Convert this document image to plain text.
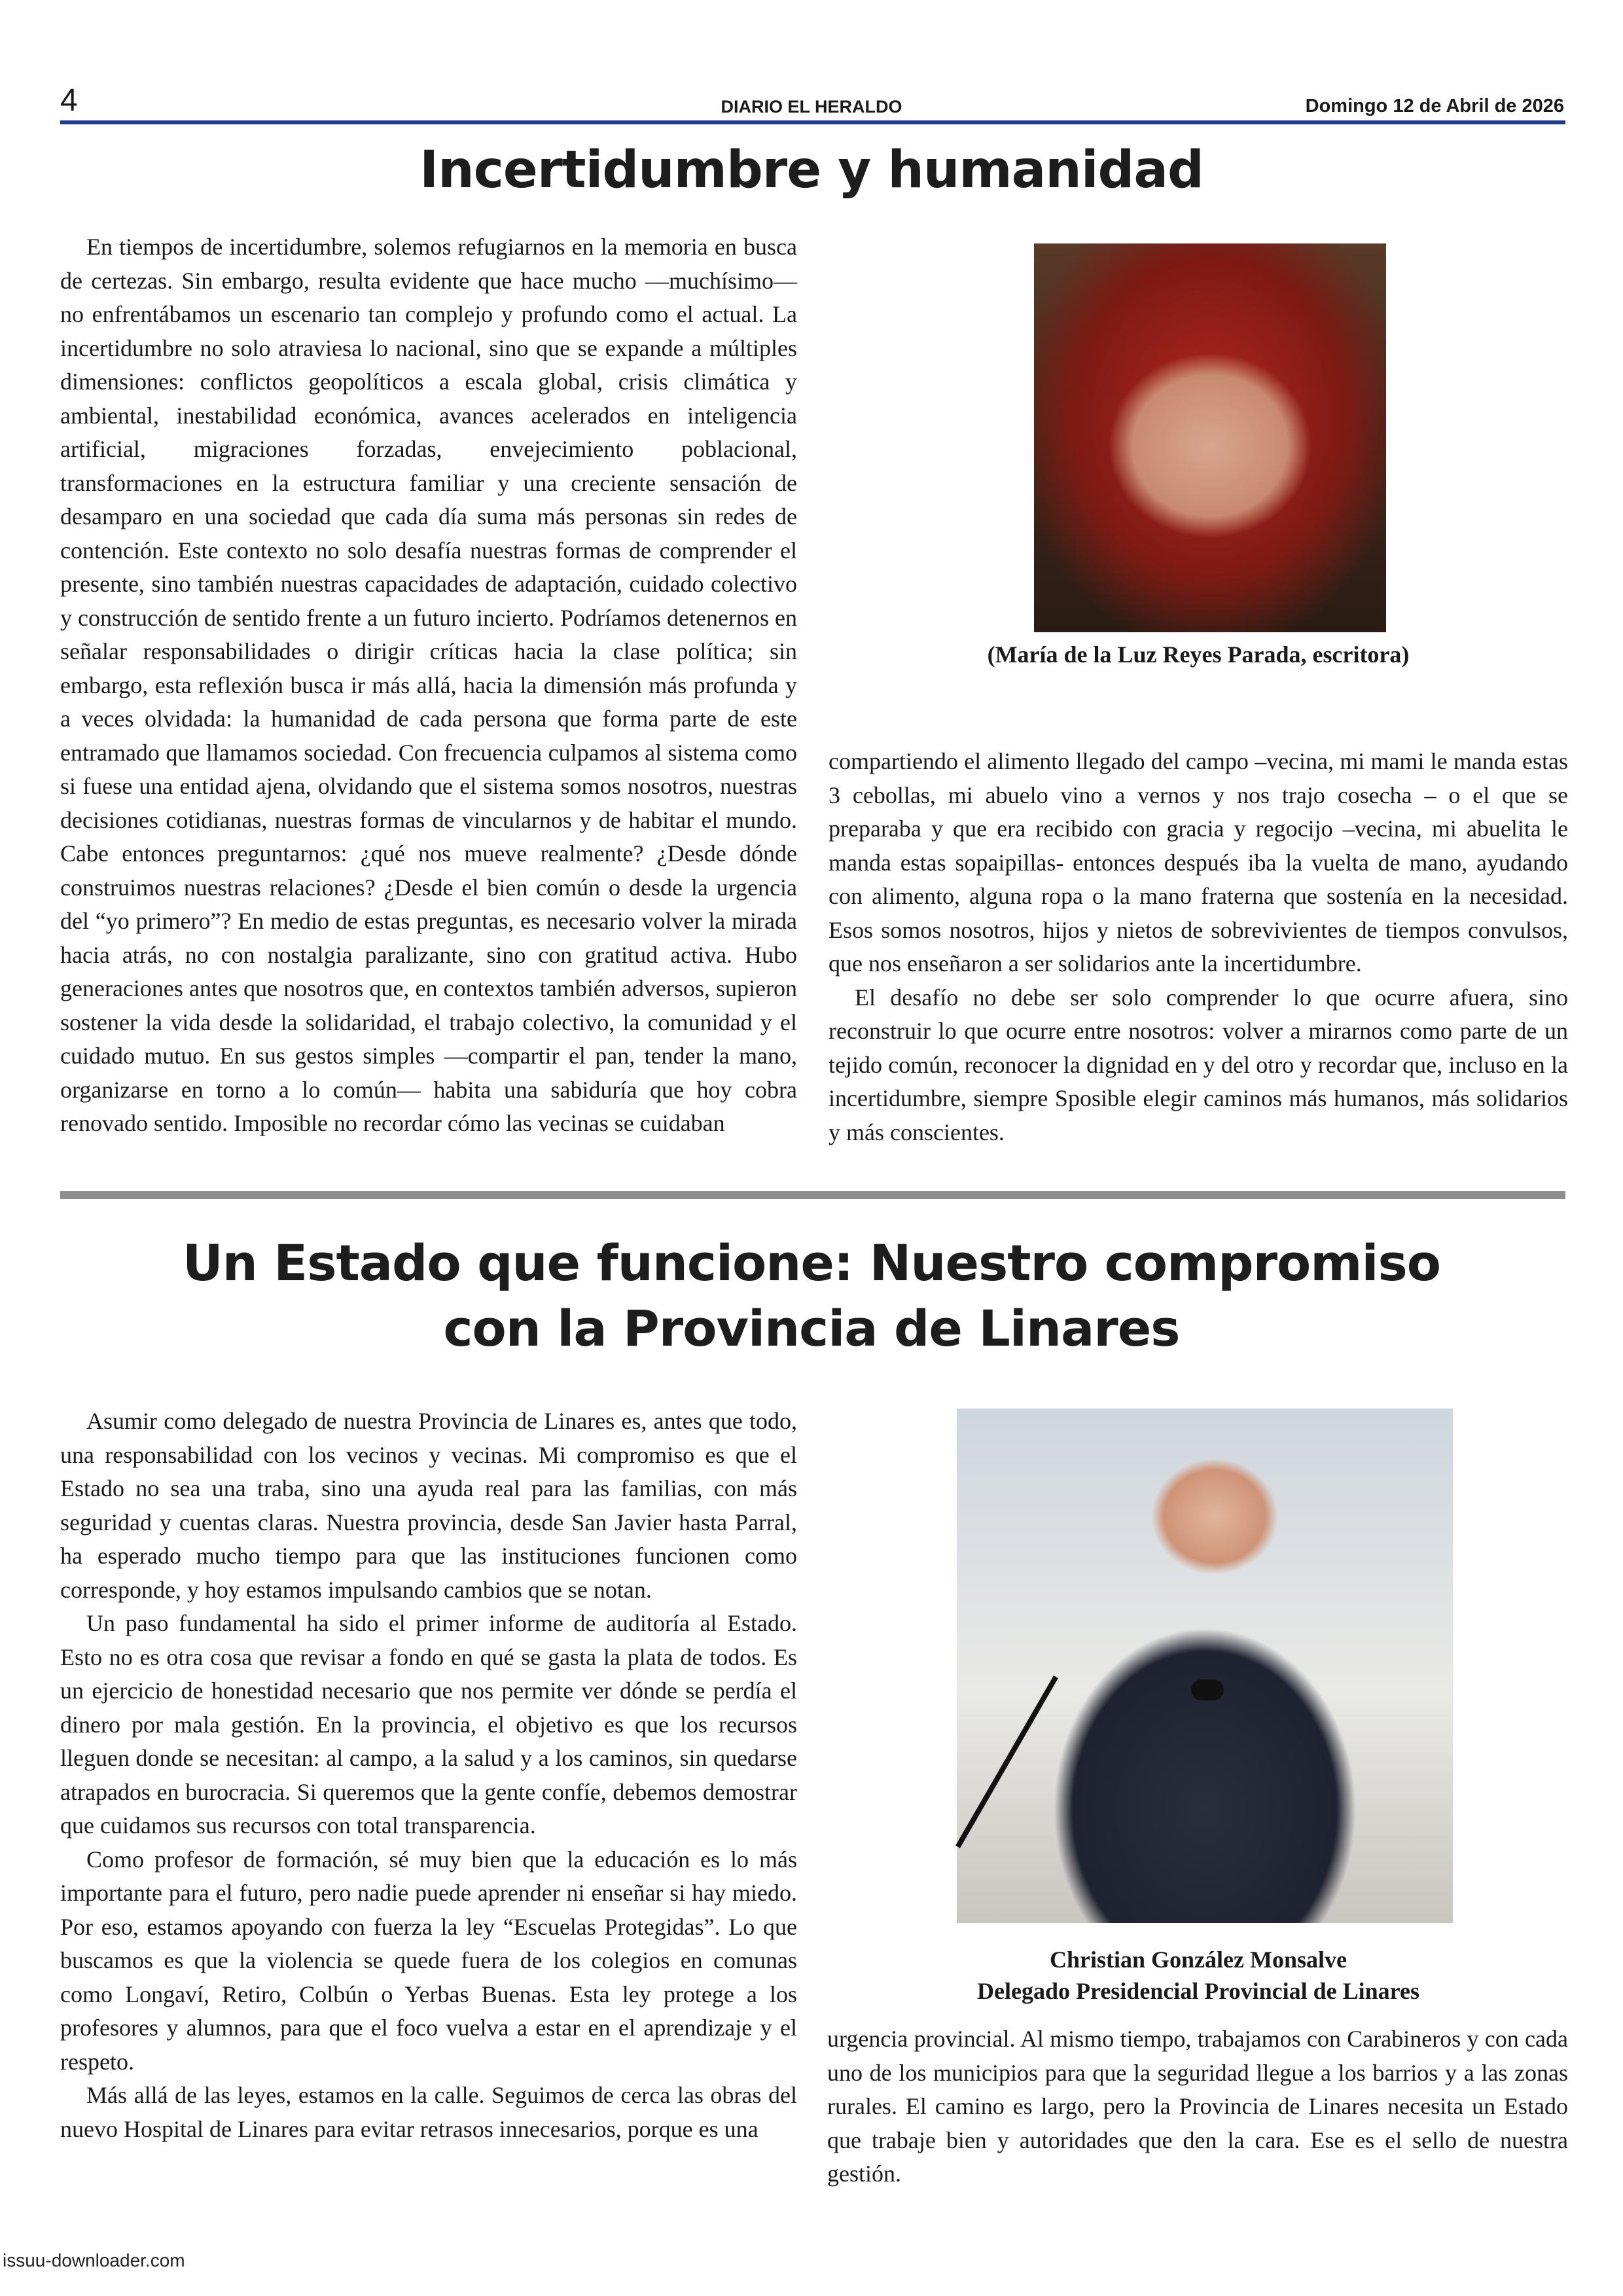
4	DIARIO EL HERALDO	Domingo 12 de Abril de 2026
Incertidumbre y humanidad

En tiempos de incertidumbre, solemos refugiarnos en la memoria en busca de certezas. Sin embargo, resulta evidente que hace mucho —muchísimo— no enfrentábamos un escenario tan complejo y profundo como el actual. La incertidumbre no solo atraviesa lo nacional, sino que se expande a múltiples dimensiones: conflictos geopolíticos a escala global, crisis climática y ambiental, inestabilidad económica, avances acelerados en inteligencia artificial, migraciones forzadas, envejecimiento poblacional, transformaciones en la estructura familiar y una creciente sensación de desamparo en una sociedad que cada día suma más personas sin redes de contención. Este contexto no solo desafía nuestras formas de comprender el presente, sino también nuestras capacidades de adaptación, cuidado colectivo y construcción de sentido frente a un futuro incierto. Podríamos detenernos en señalar responsabilidades o dirigir críticas hacia la clase política; sin embargo, esta reflexión busca ir más allá, hacia la dimensión más profunda y a veces olvidada: la humanidad de cada persona que forma parte de este entramado que llamamos sociedad. Con frecuencia culpamos al sistema como si fuese una entidad ajena, olvidando que el sistema somos nosotros, nuestras decisiones cotidianas, nuestras formas de vincularnos y de habitar el mundo. Cabe entonces preguntarnos: ¿qué nos mueve realmente? ¿Desde dónde construimos nuestras relaciones? ¿Desde el bien común o desde la urgencia del “yo primero”? En medio de estas preguntas, es necesario volver la mirada hacia atrás, no con nostalgia paralizante, sino con gratitud activa. Hubo generaciones antes que nosotros que, en contextos también adversos, supieron sostener la vida desde la solidaridad, el trabajo colectivo, la comunidad y el cuidado mutuo. En sus gestos simples —compartir el pan, tender la mano, organizarse en torno a lo común— habita una sabiduría que hoy cobra renovado sentido. Imposible no recordar cómo las vecinas se cuidaban

(María de la Luz Reyes Parada, escritora)

compartiendo el alimento llegado del campo –vecina, mi mami le manda estas 3 cebollas, mi abuelo vino a vernos y nos trajo cosecha – o el que se preparaba y que era recibido con gracia y regocijo –vecina, mi abuelita le manda estas sopaipillas- entonces después iba la vuelta de mano, ayudando con alimento, alguna ropa o la mano fraterna que sostenía en la necesidad. Esos somos nosotros, hijos y nietos de sobrevivientes de tiempos convulsos, que nos enseñaron a ser solidarios ante la incertidumbre.

El desafío no debe ser solo comprender lo que ocurre afuera, sino reconstruir lo que ocurre entre nosotros: volver a mirarnos como parte de un tejido común, reconocer la dignidad en y del otro y recordar que, incluso en la incertidumbre, siempre Sposible elegir caminos más humanos, más solidarios y más conscientes.

Un Estado que funcione: Nuestro compromiso
con la Provincia de Linares

Asumir como delegado de nuestra Provincia de Linares es, antes que todo, una responsabilidad con los vecinos y vecinas. Mi compromiso es que el Estado no sea una traba, sino una ayuda real para las familias, con más seguridad y cuentas claras. Nuestra provincia, desde San Javier hasta Parral, ha esperado mucho tiempo para que las instituciones funcionen como corresponde, y hoy estamos impulsando cambios que se notan.

Un paso fundamental ha sido el primer informe de auditoría al Estado. Esto no es otra cosa que revisar a fondo en qué se gasta la plata de todos. Es un ejercicio de honestidad necesario que nos permite ver dónde se perdía el dinero por mala gestión. En la provincia, el objetivo es que los recursos lleguen donde se necesitan: al campo, a la salud y a los caminos, sin quedarse atrapados en burocracia. Si queremos que la gente confíe, debemos demostrar que cuidamos sus recursos con total transparencia.

Como profesor de formación, sé muy bien que la educación es lo más importante para el futuro, pero nadie puede aprender ni enseñar si hay miedo. Por eso, estamos apoyando con fuerza la ley “Escuelas Protegidas”. Lo que buscamos es que la violencia se quede fuera de los colegios en comunas como Longaví, Retiro, Colbún o Yerbas Buenas. Esta ley protege a los profesores y alumnos, para que el foco vuelva a estar en el aprendizaje y el respeto.

Más allá de las leyes, estamos en la calle. Seguimos de cerca las obras del nuevo Hospital de Linares para evitar retrasos innecesarios, porque es una

Christian González Monsalve
Delegado Presidencial Provincial de Linares

urgencia provincial. Al mismo tiempo, trabajamos con Carabineros y con cada uno de los municipios para que la seguridad llegue a los barrios y a las zonas rurales. El camino es largo, pero la Provincia de Linares necesita un Estado que trabaje bien y autoridades que den la cara. Ese es el sello de nuestra gestión.

issuu-downloader.com
